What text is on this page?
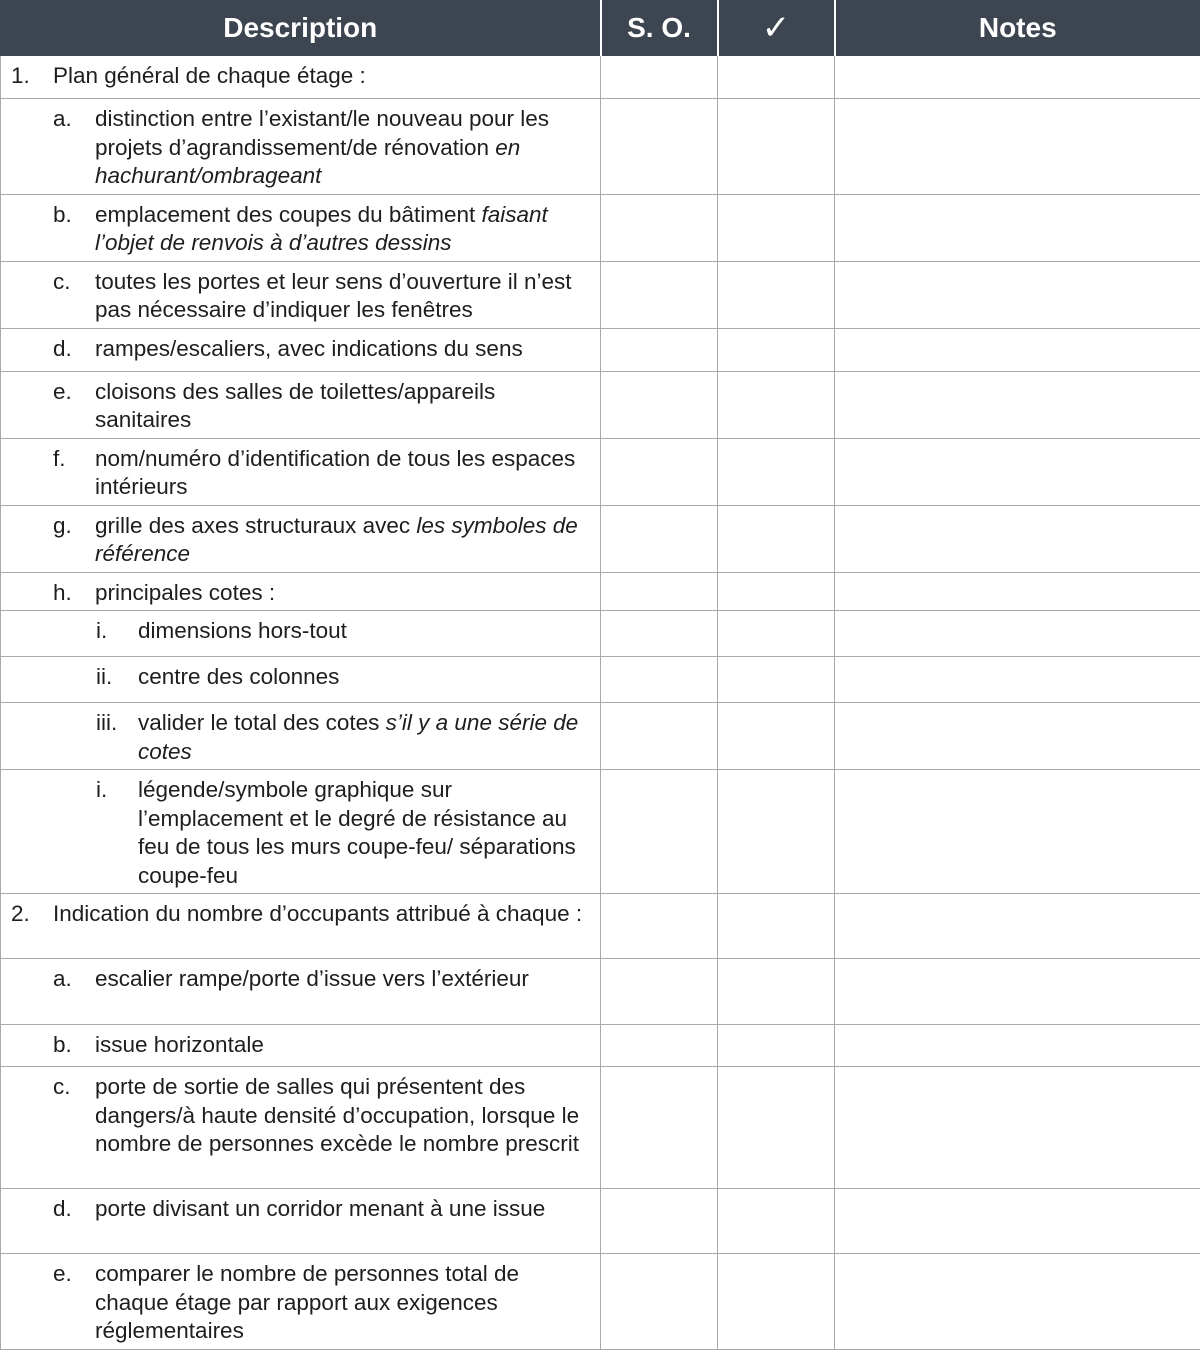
Description	S. O.	✓	Notes

1. Plan général de chaque étage :			

a. distinction entre l’existant/le nouveau pour les projets d’agrandissement/de rénovation en hachurant/ombrageant			

b. emplacement des coupes du bâtiment faisant l’objet de renvois à d’autres dessins			

c. toutes les portes et leur sens d’ouverture il n’est pas nécessaire d’indiquer les fenêtres			

d. rampes/escaliers, avec indications du sens			

e. cloisons des salles de toilettes/appareils sanitaires			

f. nom/numéro d’identification de tous les espaces intérieurs			

g. grille des axes structuraux avec les symboles de référence			

h. principales cotes :			

i. dimensions hors-tout			

ii. centre des colonnes			

iii. valider le total des cotes s’il y a une série de cotes			

i. légende/symbole graphique sur l’emplacement et le degré de résistance au feu de tous les murs coupe-feu/ séparations coupe-feu			

2. Indication du nombre d’occupants attribué à chaque :			

a. escalier rampe/porte d’issue vers l’extérieur			

b. issue horizontale			

c. porte de sortie de salles qui présentent des dangers/à haute densité d’occupation, lorsque le nombre de personnes excède le nombre prescrit			

d. porte divisant un corridor menant à une issue			

e. comparer le nombre de personnes total de chaque étage par rapport aux exigences réglementaires			
